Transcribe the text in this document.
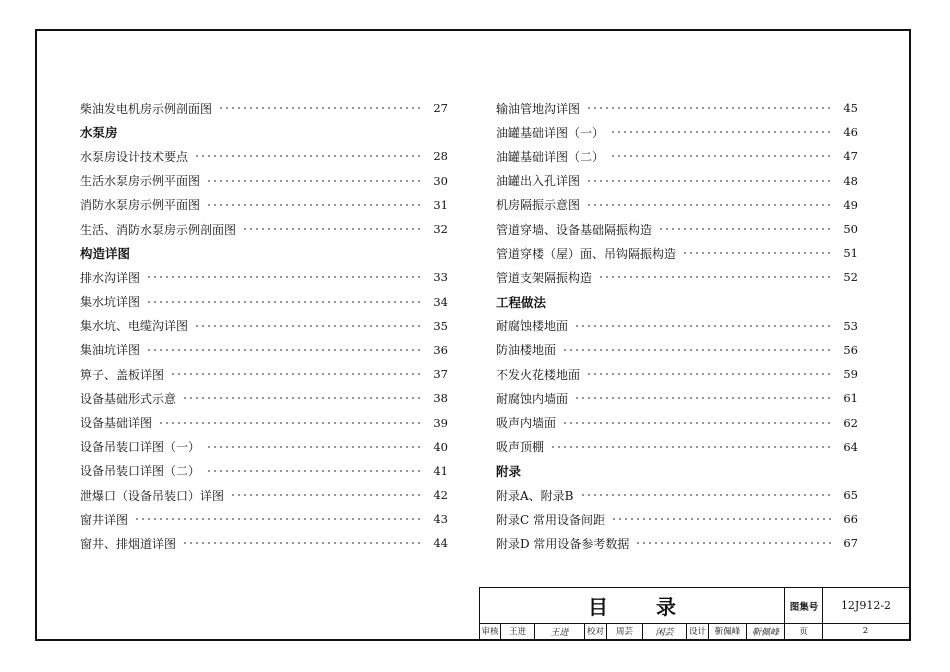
柴油发电机房示例剖面图	27
水泵房
水泵房设计技术要点	28
生活水泵房示例平面图	30
消防水泵房示例平面图	31
生活、消防水泵房示例剖面图	32
构造详图
排水沟详图	33
集水坑详图	34
集水坑、电缆沟详图	35
集油坑详图	36
箅子、盖板详图	37
设备基础形式示意	38
设备基础详图	39
设备吊装口详图（一）	40
设备吊装口详图（二）	41
泄爆口（设备吊装口）详图	42
窗井详图	43
窗井、排烟道详图	44
输油管地沟详图	45
油罐基础详图（一）	46
油罐基础详图（二）	47
油罐出入孔详图	48
机房隔振示意图	49
管道穿墙、设备基础隔振构造	50
管道穿楼（屋）面、吊钩隔振构造	51
管道支架隔振构造	52
工程做法
耐腐蚀楼地面	53
防油楼地面	56
不发火花楼地面	59
耐腐蚀内墙面	61
吸声内墙面	62
吸声顶棚	64
附录
附录A、附录B	65
附录C 常用设备间距	66
附录D 常用设备参考数据	67
目录	图集号	12J912-2
审核	王迸	王迸	校对	周芸	闲芸	设计	靳佩峰	靳佩峰	页	2
